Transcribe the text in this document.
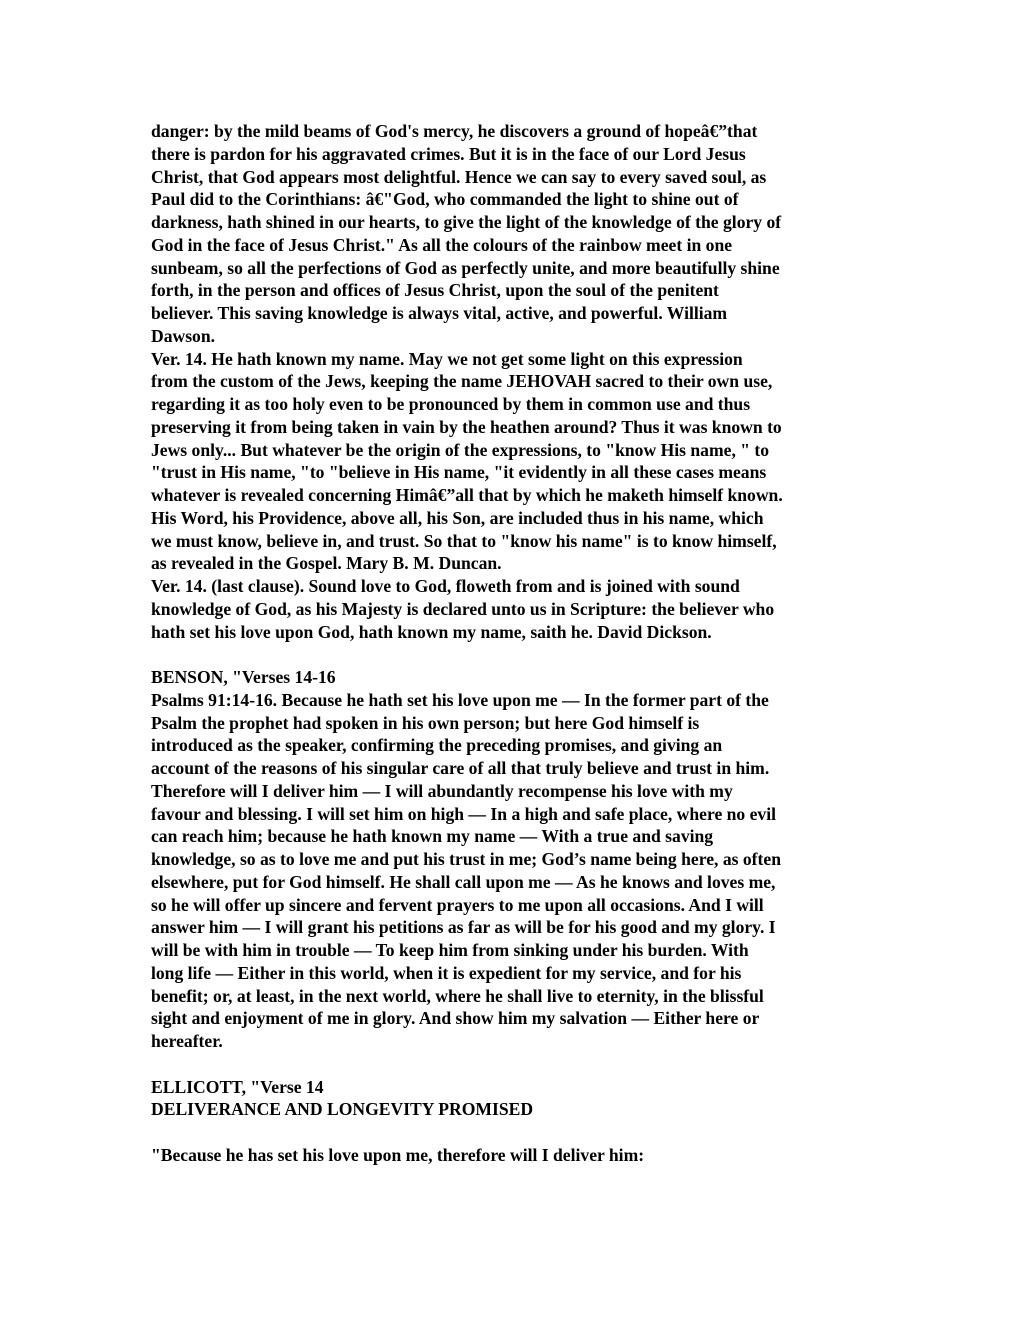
danger: by the mild beams of God's mercy, he discovers a ground of hopeâ€”that
there is pardon for his aggravated crimes. But it is in the face of our Lord Jesus
Christ, that God appears most delightful. Hence we can say to every saved soul, as
Paul did to the Corinthians: â€"God, who commanded the light to shine out of
darkness, hath shined in our hearts, to give the light of the knowledge of the glory of
God in the face of Jesus Christ." As all the colours of the rainbow meet in one
sunbeam, so all the perfections of God as perfectly unite, and more beautifully shine
forth, in the person and offices of Jesus Christ, upon the soul of the penitent
believer. This saving knowledge is always vital, active, and powerful. William
Dawson.
Ver. 14. He hath known my name. May we not get some light on this expression
from the custom of the Jews, keeping the name JEHOVAH sacred to their own use,
regarding it as too holy even to be pronounced by them in common use and thus
preserving it from being taken in vain by the heathen around? Thus it was known to
Jews only... But whatever be the origin of the expressions, to "know His name, " to
"trust in His name, "to "believe in His name, "it evidently in all these cases means
whatever is revealed concerning Himâ€”all that by which he maketh himself known.
His Word, his Providence, above all, his Son, are included thus in his name, which
we must know, believe in, and trust. So that to "know his name" is to know himself,
as revealed in the Gospel. Mary B. M. Duncan.
Ver. 14. (last clause). Sound love to God, floweth from and is joined with sound
knowledge of God, as his Majesty is declared unto us in Scripture: the believer who
hath set his love upon God, hath known my name, saith he. David Dickson.
BENSON, "Verses 14-16
Psalms 91:14-16. Because he hath set his love upon me — In the former part of the
Psalm the prophet had spoken in his own person; but here God himself is
introduced as the speaker, confirming the preceding promises, and giving an
account of the reasons of his singular care of all that truly believe and trust in him.
Therefore will I deliver him — I will abundantly recompense his love with my
favour and blessing. I will set him on high — In a high and safe place, where no evil
can reach him; because he hath known my name — With a true and saving
knowledge, so as to love me and put his trust in me; God’s name being here, as often
elsewhere, put for God himself. He shall call upon me — As he knows and loves me,
so he will offer up sincere and fervent prayers to me upon all occasions. And I will
answer him — I will grant his petitions as far as will be for his good and my glory. I
will be with him in trouble — To keep him from sinking under his burden. With
long life — Either in this world, when it is expedient for my service, and for his
benefit; or, at least, in the next world, where he shall live to eternity, in the blissful
sight and enjoyment of me in glory. And show him my salvation — Either here or
hereafter.
ELLICOTT, "Verse 14
DELIVERANCE AND LONGEVITY PROMISED
"Because he has set his love upon me, therefore will I deliver him:
